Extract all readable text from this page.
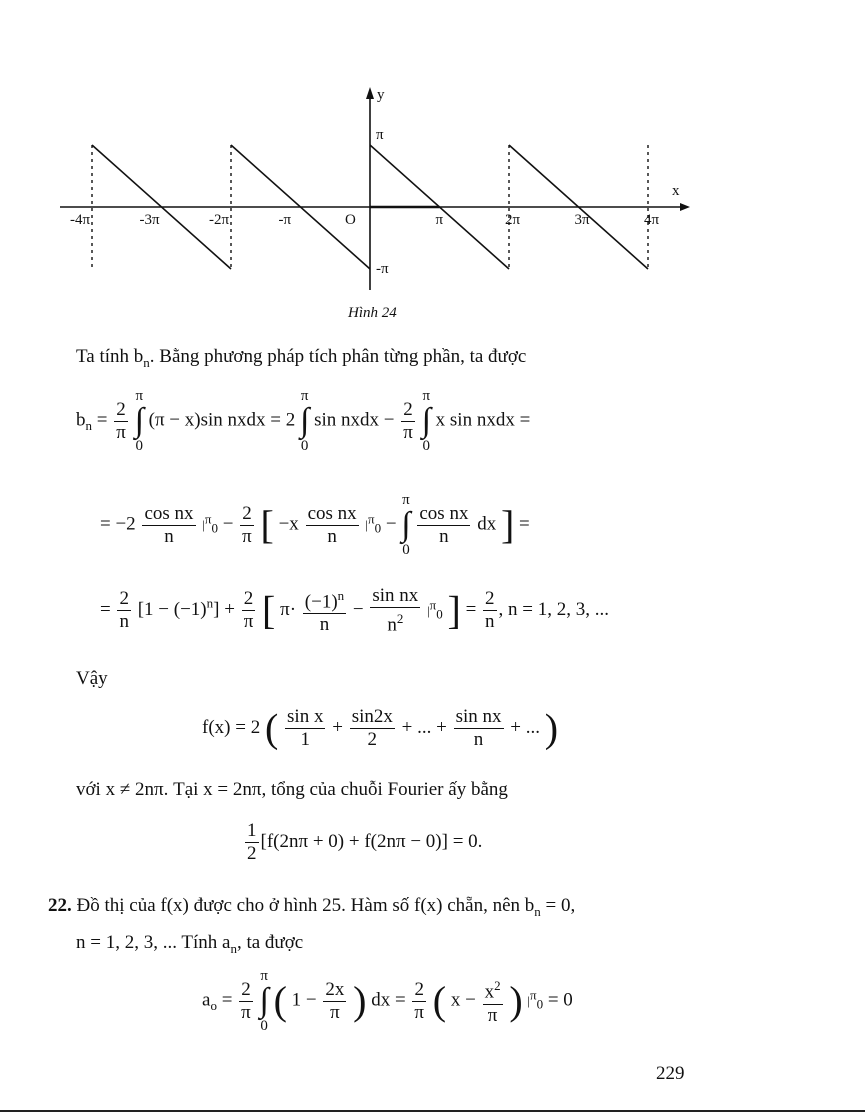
-4π	-3π	-2π	-π	π	2π	3π	4π
O
π
-π
x
y
Hình 24
Ta tính $b_n$. Bằng phương pháp tích phân từng phần, ta được
$b_n = \frac{2}{\pi}$

π
∫
0
(π − x)sin nxdx = 2
π
∫
0
sin nxdx − $\frac{2}{\pi}$

π
∫
0
x sin nxdx =
= $-2 \frac{\text{cos nx}}{n} |^\pi_0 - \frac{2}{\pi}$ [ $-x \frac{\text{cos nx}}{n} |^\pi_0$ −
π
∫
0

$\frac{\text{cos nx}}{n}$ dx ] =
= $\frac{2}{n} [1 - (-1)^n] + \frac{2}{\pi}$ [ $\pi\cdot \frac{(-1)^n}{n} - \frac{\text{sin nx}}{n^2} |^\pi_0$ ] = $\frac{2}{n}$ , n = 1, 2, 3, ...
Vậy
f(x) = 2 ( $\frac{\text{sin x}}{1} + \frac{\sin 2x}{2}$ + ... + $\frac{\text{sin nx}}{n}$ + ... )
với x ≠ 2nπ. Tại x = 2nπ, tổng của chuỗi Fourier ấy bằng
$\frac{1}{2} [f(2n\pi + 0) + f(2n\pi - 0)] = 0$.
22. Đồ thị của f(x) được cho ở hình 25. Hàm số f(x) chẵn, nên $b_n = 0$,
n = 1, 2, 3, ... Tính $a_n$, ta được
$a_o = \frac{2}{\pi}$

π
∫
0
( $1 - \frac{2x}{\pi}$ ) dx = $\frac{2}{\pi}$ ( $x - \frac{x^2}{\pi}$ ) $|^\pi_0 = 0$
229
